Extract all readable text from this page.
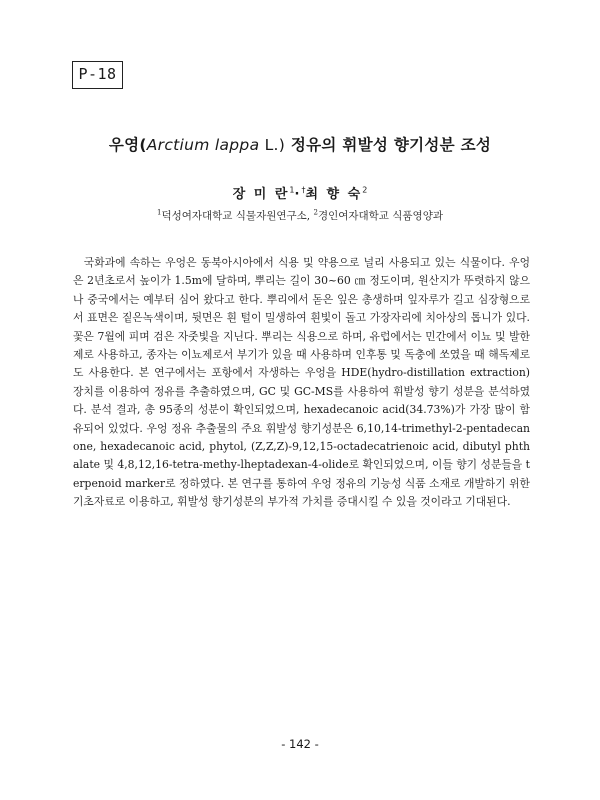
P-18
우영(Arctium lappa L.) 정유의 휘발성 향기성분 조성
장 미 란$^1$·†최 향 숙$^2$
$^1$덕성여자대학교 식물자원연구소, $^2$경인여자대학교 식품영양과

국화과에 속하는 우엉은 동북아시아에서 식용 및 약용으로 널리 사용되고 있는 식물이다. 우엉은 2년초로서 높이가 1.5m에 달하며, 뿌리는 길이 30~60 ㎝ 정도이며, 원산지가 뚜렷하지 않으나 중국에서는 예부터 심어 왔다고 한다. 뿌리에서 돋은 잎은 총생하며 잎자루가 길고 심장형으로서 표면은 짙은녹색이며, 뒷면은 흰 털이 밀생하여 흰빛이 돌고 가장자리에 치아상의 톱니가 있다. 꽃은 7월에 피며 검은 자줏빛을 지닌다. 뿌리는 식용으로 하며, 유럽에서는 민간에서 이뇨 및 발한제로 사용하고, 종자는 이뇨제로서 부기가 있을 때 사용하며 인후통 및 독충에 쏘였을 때 해독제로도 사용한다. 본 연구에서는 포항에서 자생하는 우엉을 HDE(hydro-distillation extraction) 장치를 이용하여 정유를 추출하였으며, GC 및 GC-MS를 사용하여 휘발성 향기 성분을 분석하였다. 분석 결과, 총 95종의 성분이 확인되었으며, hexadecanoic acid(34.73%)가 가장 많이 함유되어 있었다. 우엉 정유 추출물의 주요 휘발성 향기성분은 6,10,14-trimethyl-2-pentadecanone, hexadecanoic acid, phytol, (Z,Z,Z)-9,12,15-octadecatrienoic acid, dibutyl phthalate 및 4,8,12,16-tetra-methy-lheptadexan-4-olide로 확인되었으며, 이들 향기 성분들을 terpenoid marker로 정하였다. 본 연구를 통하여 우엉 정유의 기능성 식품 소재로 개발하기 위한 기초자료로 이용하고, 휘발성 향기성분의 부가적 가치를 증대시킬 수 있을 것이라고 기대된다.

- 142 -
